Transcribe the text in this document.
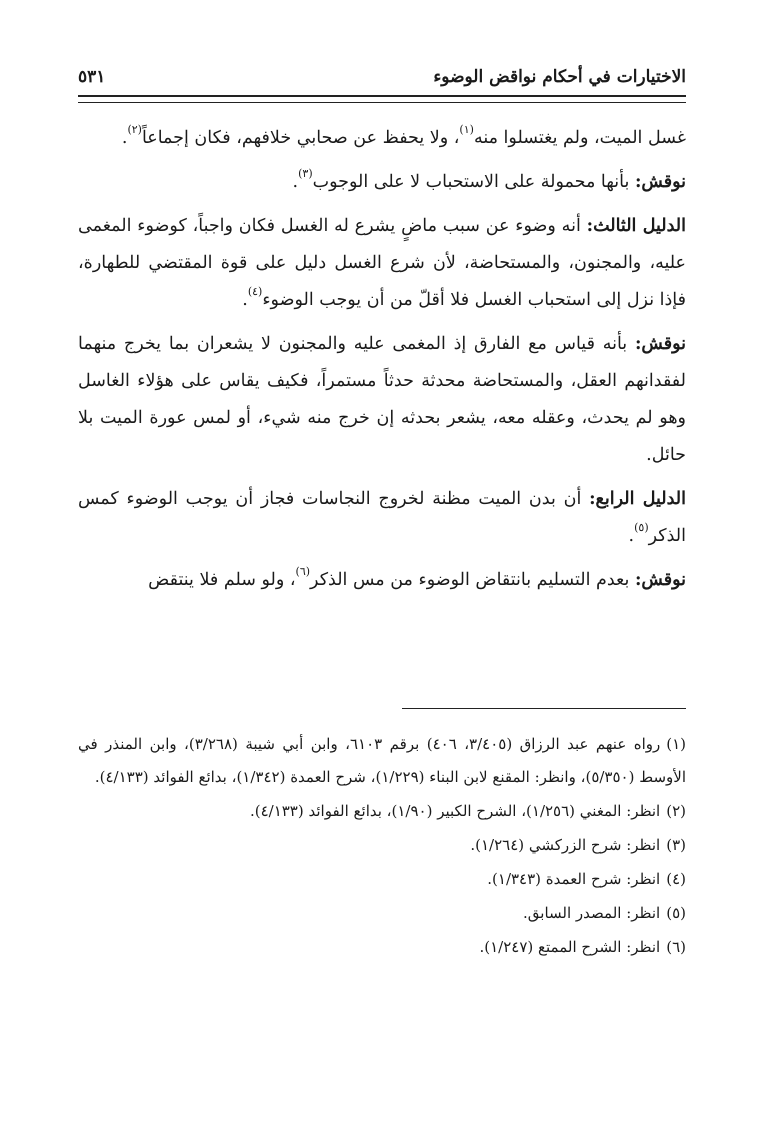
الاختيارات في أحكام نواقض الوضوء
٥٣١

غسل الميت، ولم يغتسلوا منه$^{(١)}$، ولا يحفظ عن صحابي خلافهم، فكان إجماعاً$^{(٢)}$.

نوقش: بأنها محمولة على الاستحباب لا على الوجوب$^{(٣)}$.

الدليل الثالث: أنه وضوء عن سبب ماضٍ يشرع له الغسل فكان واجباً، كوضوء المغمى عليه، والمجنون، والمستحاضة، لأن شرع الغسل دليل على قوة المقتضي للطهارة، فإذا نزل إلى استحباب الغسل فلا أقلّ من أن يوجب الوضوء$^{(٤)}$.

نوقش: بأنه قياس مع الفارق إذ المغمى عليه والمجنون لا يشعران بما يخرج منهما لفقدانهم العقل، والمستحاضة محدثة حدثاً مستمراً، فكيف يقاس على هؤلاء الغاسل وهو لم يحدث، وعقله معه، يشعر بحدثه إن خرج منه شيء، أو لمس عورة الميت بلا حائل.

الدليل الرابع: أن بدن الميت مظنة لخروج النجاسات فجاز أن يوجب الوضوء كمس الذكر$^{(٥)}$.

نوقش: بعدم التسليم بانتقاض الوضوء من مس الذكر$^{(٦)}$، ولو سلم فلا ينتقض

(١)رواه عنهم عبد الرزاق (٣/٤٠٥، ٤٠٦) برقم ٦١٠٣، وابن أبي شيبة (٣/٢٦٨)، وابن المنذر في الأوسط (٥/٣٥٠)، وانظر: المقنع لابن البناء (١/٢٢٩)، شرح العمدة (١/٣٤٢)، بدائع الفوائد (٤/١٣٣).

(٢)انظر: المغني (١/٢٥٦)، الشرح الكبير (١/٩٠)، بدائع الفوائد (٤/١٣٣).

(٣)انظر: شرح الزركشي (١/٢٦٤).

(٤)انظر: شرح العمدة (١/٣٤٣).

(٥)انظر: المصدر السابق.

(٦)انظر: الشرح الممتع (١/٢٤٧).
